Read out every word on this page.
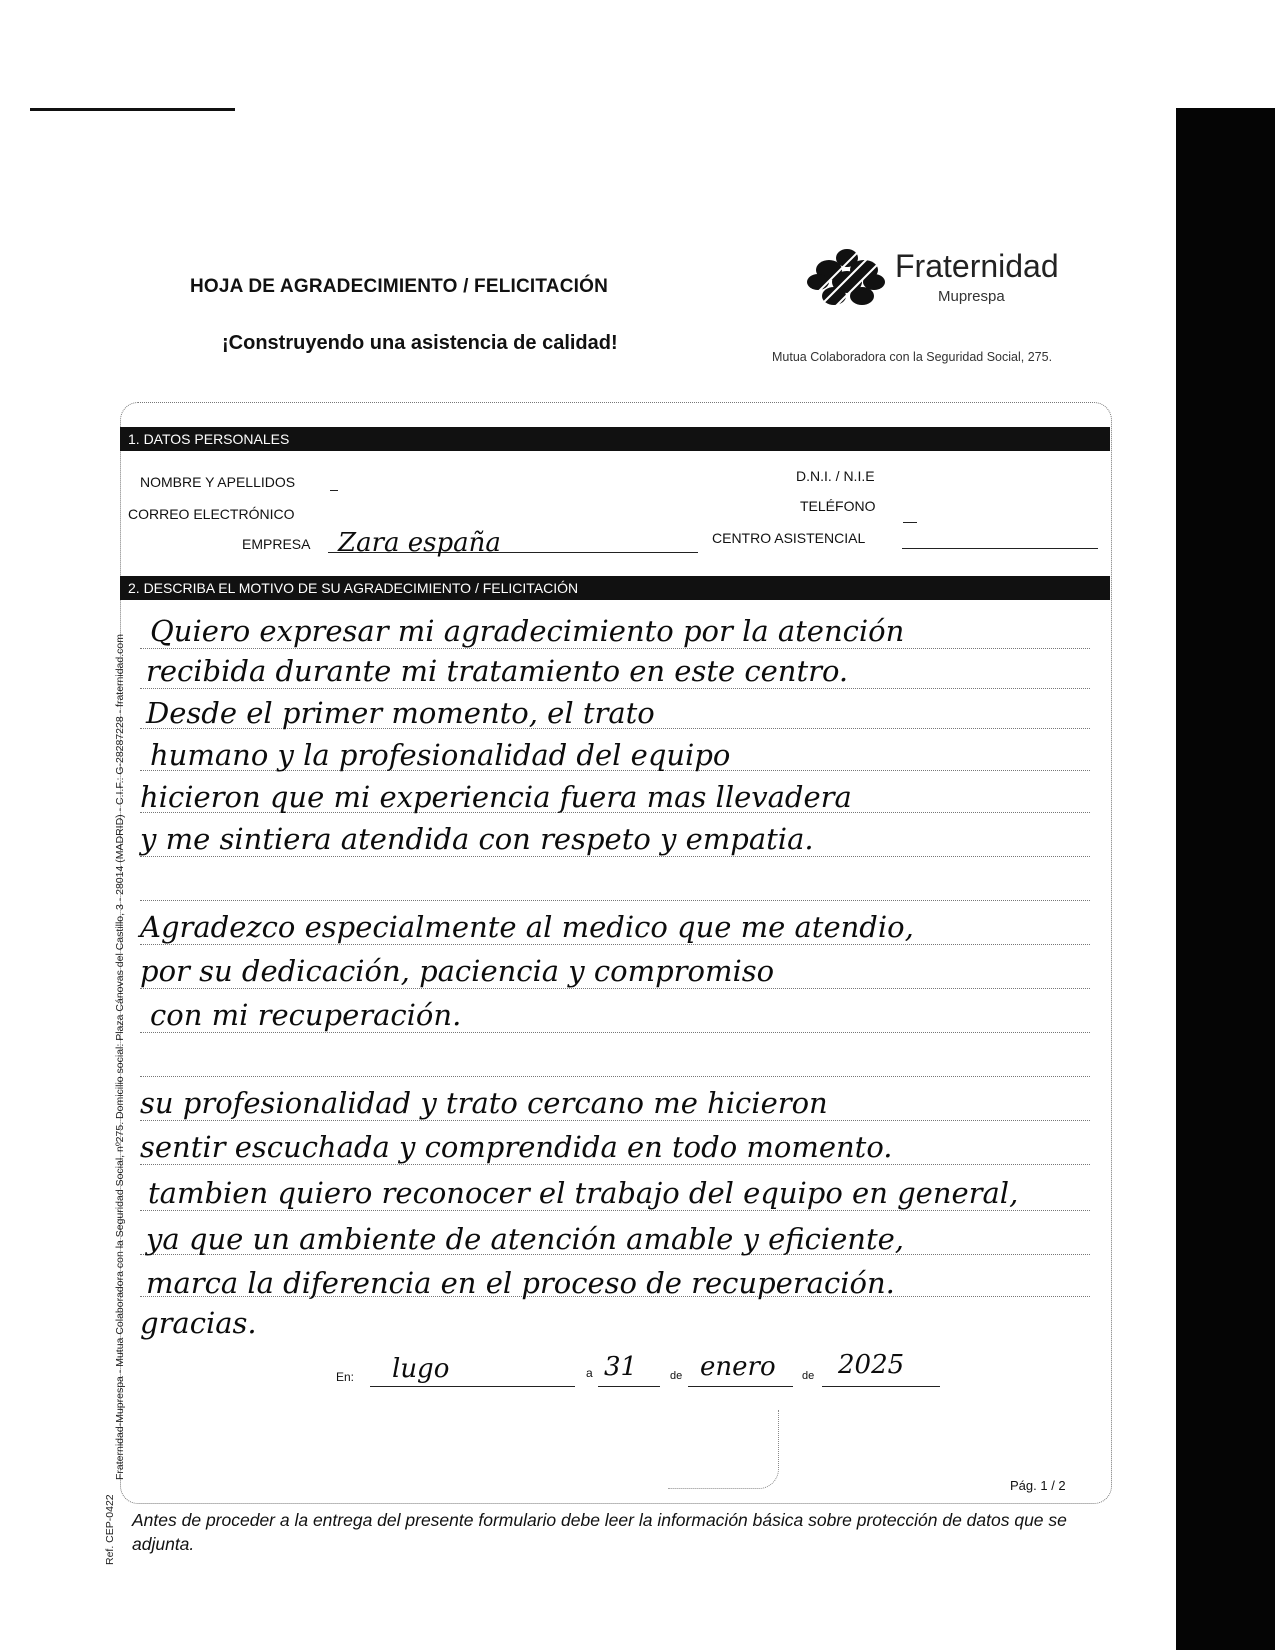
HOJA DE AGRADECIMIENTO / FELICITACIÓN
¡Construyendo una asistencia de calidad!
Fraternidad
Muprespa
Mutua Colaboradora con la Seguridad Social, 275.
1. DATOS PERSONALES
NOMBRE Y APELLIDOS	D.N.I. / N.I.E
CORREO ELECTRÓNICO	TELÉFONO
EMPRESA Zara españa	CENTRO ASISTENCIAL
2. DESCRIBA EL MOTIVO DE SU AGRADECIMIENTO / FELICITACIÓN
Quiero expresar mi agradecimiento por la atención
recibida durante mi tratamiento en este centro.
Desde el primer momento, el trato
humano y la profesionalidad del equipo
hicieron que mi experiencia fuera mas llevadera
y me sintiera atendida con respeto y empatia.
Agradezco especialmente al medico que me atendio,
por su dedicación, paciencia y compromiso
con mi recuperación.
su profesionalidad y trato cercano me hicieron
sentir escuchada y comprendida en todo momento.
tambien quiero reconocer el trabajo del equipo en general,
ya que un ambiente de atención amable y eficiente,
marca la diferencia en el proceso de recuperación.
gracias.
En: lugo	a 31	de enero de 2025
Pág. 1 / 2
Antes de proceder a la entrega del presente formulario debe leer la información básica sobre protección de datos que se adjunta.
Fraternidad-Muprespa - Mutua Colaboradora con la Seguridad Social, nº275. Domicilio social: Plaza Cánovas del Castillo, 3 - 28014 (MADRID) - C.I.F.: G-28287228 - fraternidad.com
Ref. CEP-0422
